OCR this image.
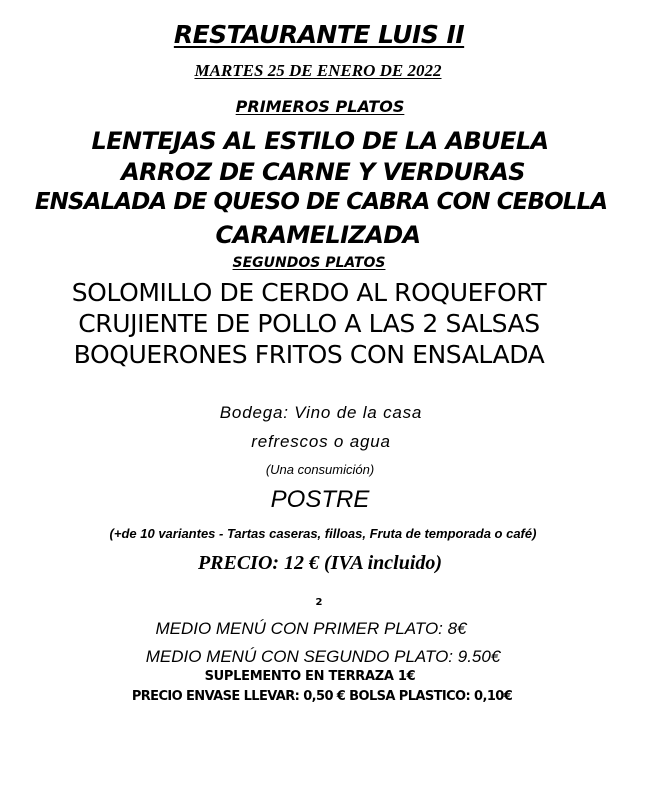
RESTAURANTE LUIS II
MARTES 25 DE ENERO DE 2022
PRIMEROS PLATOS
LENTEJAS AL ESTILO DE LA ABUELA
ARROZ DE CARNE Y VERDURAS
ENSALADA DE QUESO DE CABRA CON CEBOLLA
CARAMELIZADA
SEGUNDOS PLATOS
SOLOMILLO DE CERDO AL ROQUEFORT
CRUJIENTE DE POLLO A LAS 2 SALSAS
BOQUERONES FRITOS CON ENSALADA
Bodega: Vino de la casa
refrescos o agua
(Una consumición)
POSTRE
(+de 10 variantes - Tartas caseras, filloas, Fruta de temporada o café)
PRECIO: 12 € (IVA incluido)
2
MEDIO MENÚ CON PRIMER PLATO: 8€
MEDIO MENÚ CON SEGUNDO PLATO: 9.50€
SUPLEMENTO EN TERRAZA 1€
PRECIO ENVASE LLEVAR: 0,50 € BOLSA PLASTICO: 0,10€
